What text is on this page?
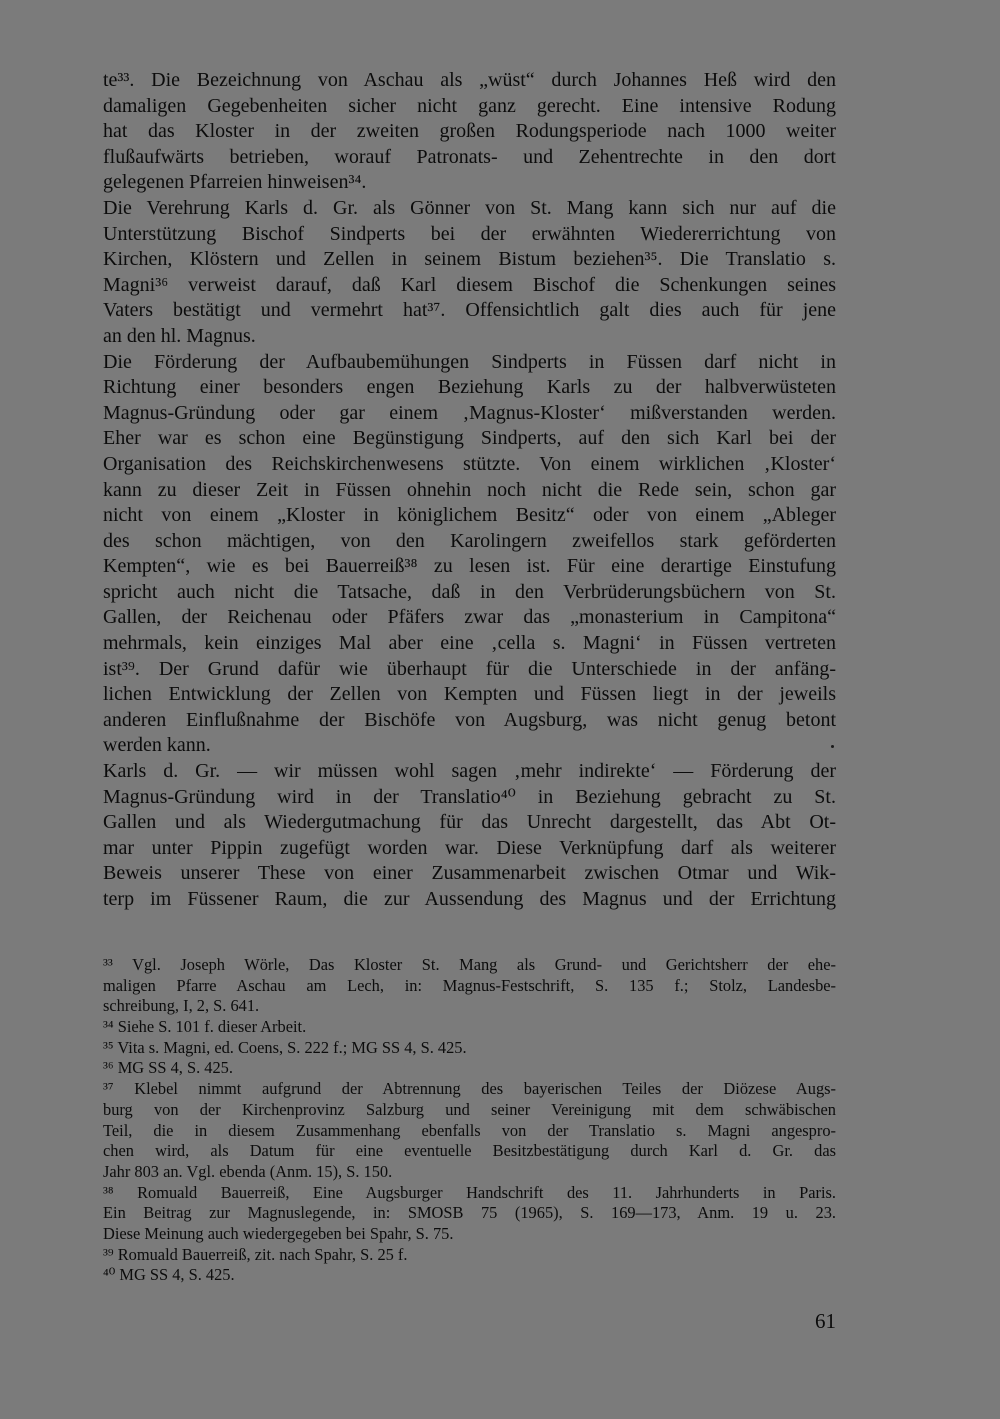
te³³. Die Bezeichnung von Aschau als „wüst“ durch Johannes Heß wird den
damaligen Gegebenheiten sicher nicht ganz gerecht. Eine intensive Rodung
hat das Kloster in der zweiten großen Rodungsperiode nach 1000 weiter
flußaufwärts betrieben, worauf Patronats- und Zehentrechte in den dort
gelegenen Pfarreien hinweisen³⁴.
Die Verehrung Karls d. Gr. als Gönner von St. Mang kann sich nur auf die
Unterstützung Bischof Sindperts bei der erwähnten Wiedererrichtung von
Kirchen, Klöstern und Zellen in seinem Bistum beziehen³⁵. Die Translatio s.
Magni³⁶ verweist darauf, daß Karl diesem Bischof die Schenkungen seines
Vaters bestätigt und vermehrt hat³⁷. Offensichtlich galt dies auch für jene
an den hl. Magnus.
Die Förderung der Aufbaubemühungen Sindperts in Füssen darf nicht in
Richtung einer besonders engen Beziehung Karls zu der halbverwüsteten
Magnus-Gründung oder gar einem ‚Magnus-Kloster‘ mißverstanden werden.
Eher war es schon eine Begünstigung Sindperts, auf den sich Karl bei der
Organisation des Reichskirchenwesens stützte. Von einem wirklichen ‚Kloster‘
kann zu dieser Zeit in Füssen ohnehin noch nicht die Rede sein, schon gar
nicht von einem „Kloster in königlichem Besitz“ oder von einem „Ableger
des schon mächtigen, von den Karolingern zweifellos stark geförderten
Kempten“, wie es bei Bauerreiß³⁸ zu lesen ist. Für eine derartige Einstufung
spricht auch nicht die Tatsache, daß in den Verbrüderungsbüchern von St.
Gallen, der Reichenau oder Pfäfers zwar das „monasterium in Campitona“
mehrmals, kein einziges Mal aber eine ‚cella s. Magni‘ in Füssen vertreten
ist³⁹. Der Grund dafür wie überhaupt für die Unterschiede in der anfäng-
lichen Entwicklung der Zellen von Kempten und Füssen liegt in der jeweils
anderen Einflußnahme der Bischöfe von Augsburg, was nicht genug betont
werden kann.
Karls d. Gr. — wir müssen wohl sagen ‚mehr indirekte‘ — Förderung der
Magnus-Gründung wird in der Translatio⁴⁰ in Beziehung gebracht zu St.
Gallen und als Wiedergutmachung für das Unrecht dargestellt, das Abt Ot-
mar unter Pippin zugefügt worden war. Diese Verknüpfung darf als weiterer
Beweis unserer These von einer Zusammenarbeit zwischen Otmar und Wik-
terp im Füssener Raum, die zur Aussendung des Magnus und der Errichtung
³³ Vgl. Joseph Wörle, Das Kloster St. Mang als Grund- und Gerichtsherr der ehe-
maligen Pfarre Aschau am Lech, in: Magnus-Festschrift, S. 135 f.; Stolz, Landesbe-
schreibung, I, 2, S. 641.
³⁴ Siehe S. 101 f. dieser Arbeit.
³⁵ Vita s. Magni, ed. Coens, S. 222 f.; MG SS 4, S. 425.
³⁶ MG SS 4, S. 425.
³⁷ Klebel nimmt aufgrund der Abtrennung des bayerischen Teiles der Diözese Augs-
burg von der Kirchenprovinz Salzburg und seiner Vereinigung mit dem schwäbischen
Teil, die in diesem Zusammenhang ebenfalls von der Translatio s. Magni angespro-
chen wird, als Datum für eine eventuelle Besitzbestätigung durch Karl d. Gr. das
Jahr 803 an. Vgl. ebenda (Anm. 15), S. 150.
³⁸ Romuald Bauerreiß, Eine Augsburger Handschrift des 11. Jahrhunderts in Paris.
Ein Beitrag zur Magnuslegende, in: SMOSB 75 (1965), S. 169—173, Anm. 19 u. 23.
Diese Meinung auch wiedergegeben bei Spahr, S. 75.
³⁹ Romuald Bauerreiß, zit. nach Spahr, S. 25 f.
⁴⁰ MG SS 4, S. 425.
61
